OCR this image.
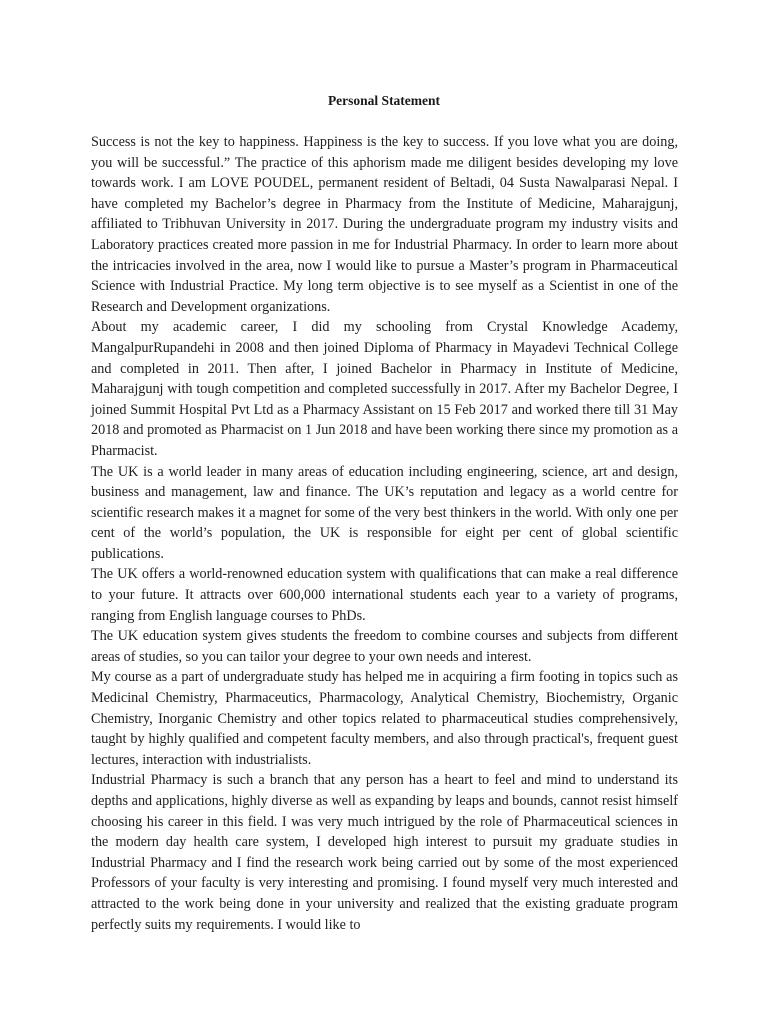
Personal Statement

Success is not the key to happiness. Happiness is the key to success. If you love what you are doing, you will be successful.” The practice of this aphorism made me diligent besides developing my love towards work. I am LOVE POUDEL, permanent resident of Beltadi, 04 Susta Nawalparasi Nepal. I have completed my Bachelor’s degree in Pharmacy from the Institute of Medicine, Maharajgunj, affiliated to Tribhuvan University in 2017. During the undergraduate program my industry visits and Laboratory practices created more passion in me for Industrial Pharmacy. In order to learn more about the intricacies involved in the area, now I would like to pursue a Master’s program in Pharmaceutical Science with Industrial Practice. My long term objective is to see myself as a Scientist in one of the Research and Development organizations.

About my academic career, I did my schooling from Crystal Knowledge Academy, MangalpurRupandehi in 2008 and then joined Diploma of Pharmacy in Mayadevi Technical College and completed in 2011. Then after, I joined Bachelor in Pharmacy in Institute of Medicine, Maharajgunj with tough competition and completed successfully in 2017. After my Bachelor Degree, I joined Summit Hospital Pvt Ltd as a Pharmacy Assistant on 15 Feb 2017 and worked there till 31 May 2018 and promoted as Pharmacist on 1 Jun 2018 and have been working there since my promotion as a Pharmacist.

The UK is a world leader in many areas of education including engineering, science, art and design, business and management, law and finance. The UK’s reputation and legacy as a world centre for scientific research makes it a magnet for some of the very best thinkers in the world. With only one per cent of the world’s population, the UK is responsible for eight per cent of global scientific publications.

The UK offers a world-renowned education system with qualifications that can make a real difference to your future. It attracts over 600,000 international students each year to a variety of programs, ranging from English language courses to PhDs.

The UK education system gives students the freedom to combine courses and subjects from different areas of studies, so you can tailor your degree to your own needs and interest.

My course as a part of undergraduate study has helped me in acquiring a firm footing in topics such as Medicinal Chemistry, Pharmaceutics, Pharmacology, Analytical Chemistry, Biochemistry, Organic Chemistry, Inorganic Chemistry and other topics related to pharmaceutical studies comprehensively, taught by highly qualified and competent faculty members, and also through practical's, frequent guest lectures, interaction with industrialists.

Industrial Pharmacy is such a branch that any person has a heart to feel and mind to understand its depths and applications, highly diverse as well as expanding by leaps and bounds, cannot resist himself choosing his career in this field. I was very much intrigued by the role of Pharmaceutical sciences in the modern day health care system, I developed high interest to pursuit my graduate studies in Industrial Pharmacy and I find the research work being carried out by some of the most experienced Professors of your faculty is very interesting and promising. I found myself very much interested and attracted to the work being done in your university and realized that the existing graduate program perfectly suits my requirements. I would like to
